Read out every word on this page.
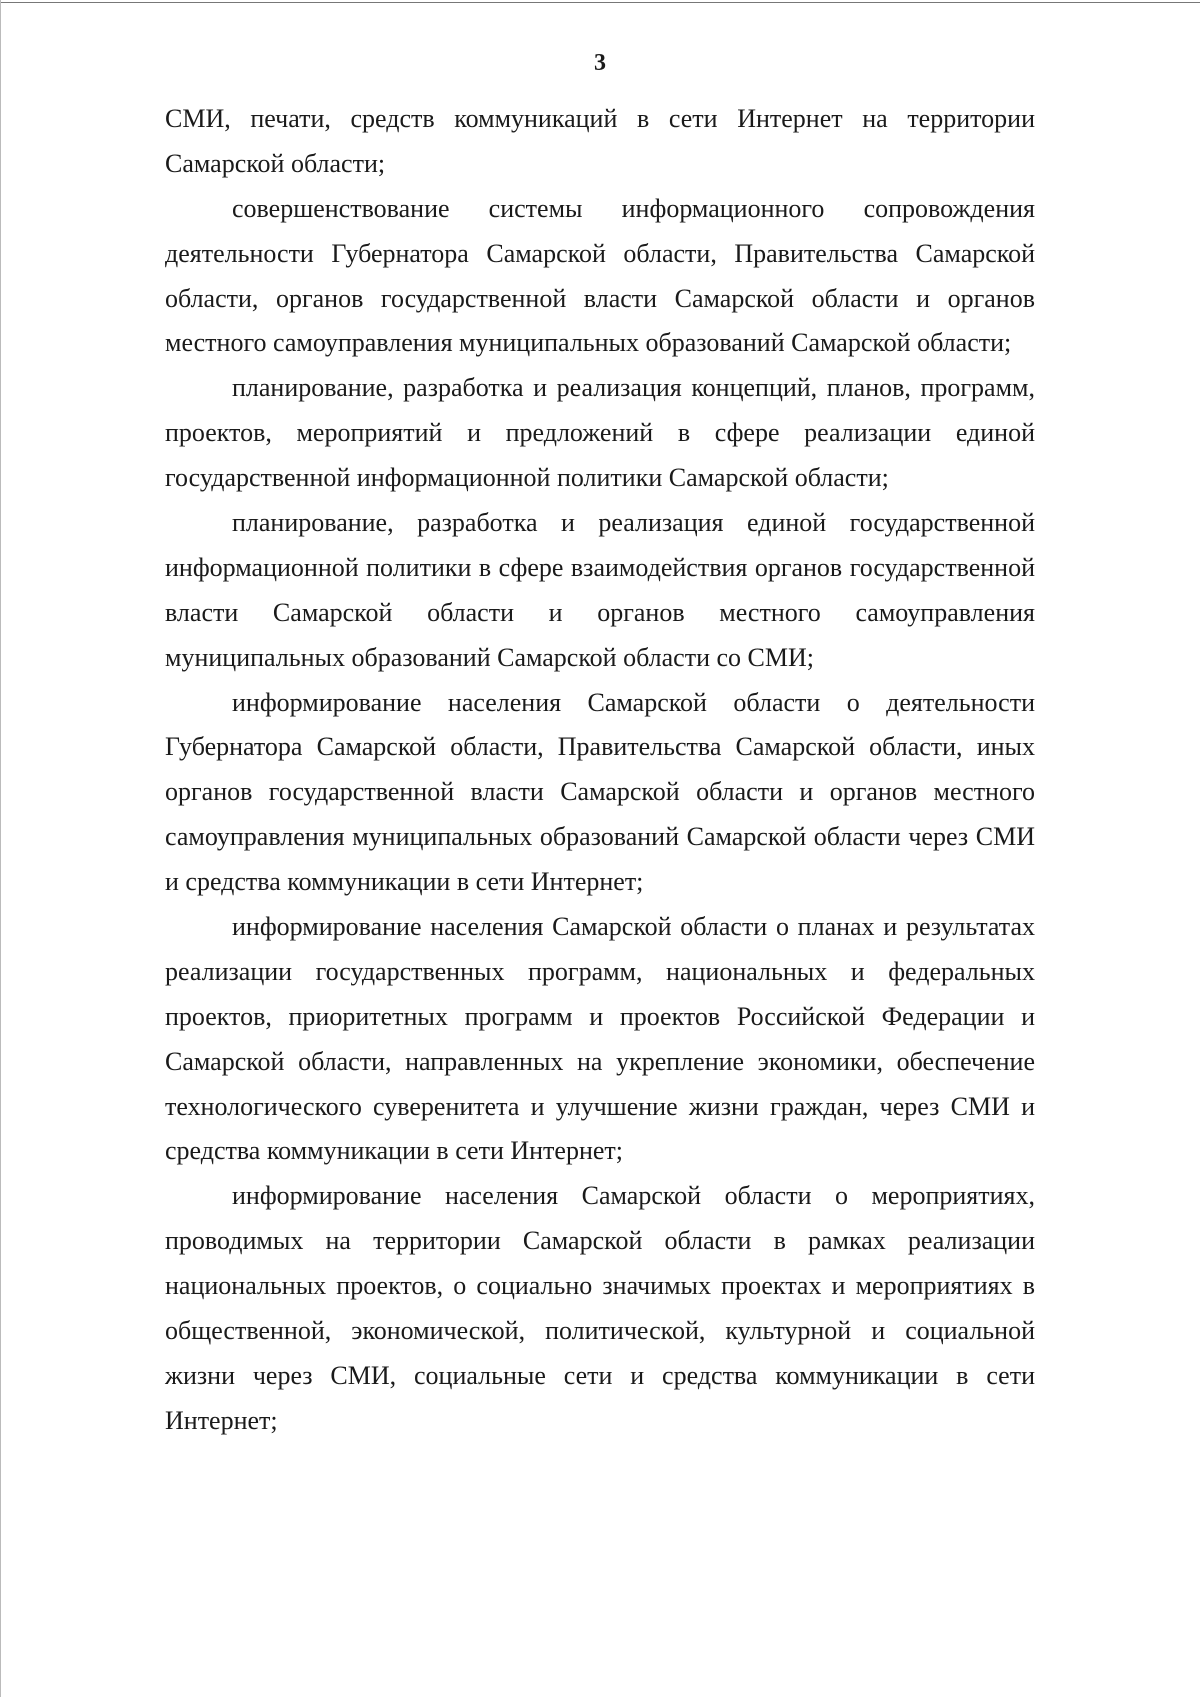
3
СМИ, печати, средств коммуникаций в сети Интернет на территории
Самарской области;
совершенствование системы информационного сопровождения
деятельности Губернатора Самарской области, Правительства Самарской
области, органов государственной власти Самарской области и органов
местного самоуправления муниципальных образований Самарской области;
планирование, разработка и реализация концепций, планов, программ,
проектов, мероприятий и предложений в сфере реализации единой
государственной информационной политики Самарской области;
планирование, разработка и реализация единой государственной
информационной политики в сфере взаимодействия органов государственной
власти Самарской области и органов местного самоуправления
муниципальных образований Самарской области со СМИ;
информирование населения Самарской области о деятельности
Губернатора Самарской области, Правительства Самарской области, иных
органов государственной власти Самарской области и органов местного
самоуправления муниципальных образований Самарской области через СМИ
и средства коммуникации в сети Интернет;
информирование населения Самарской области о планах и результатах
реализации государственных программ, национальных и федеральных
проектов, приоритетных программ и проектов Российской Федерации и
Самарской области, направленных на укрепление экономики, обеспечение
технологического суверенитета и улучшение жизни граждан, через СМИ и
средства коммуникации в сети Интернет;
информирование населения Самарской области о мероприятиях,
проводимых на территории Самарской области в рамках реализации
национальных проектов, о социально значимых проектах и мероприятиях в
общественной, экономической, политической, культурной и социальной
жизни через СМИ, социальные сети и средства коммуникации в сети
Интернет;
